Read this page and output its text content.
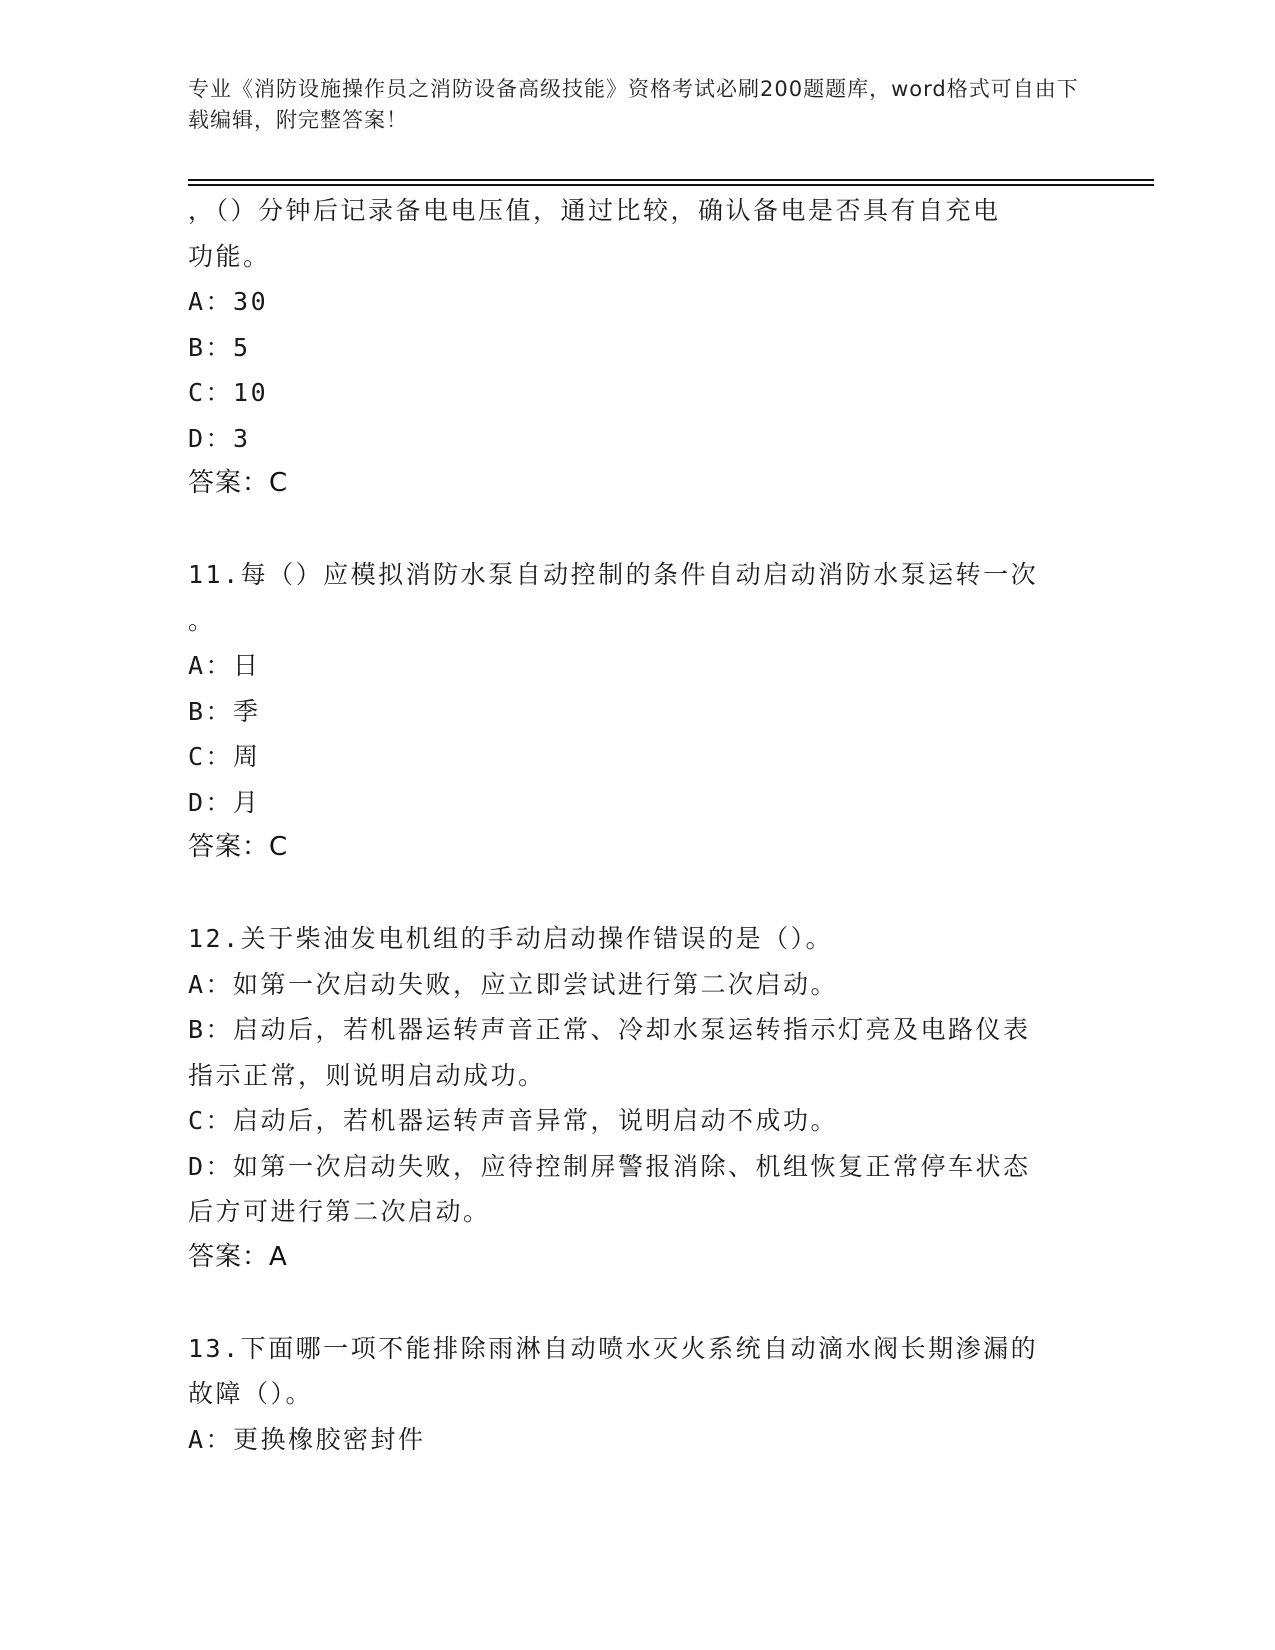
专业《消防设施操作员之消防设备高级技能》资格考试必刷200题题库，word格式可自由下载编辑，附完整答案！

，（）分钟后记录备电电压值，通过比较，确认备电是否具有自充电

功能。

A：30

B：5

C：10

D：3

答案：C

11.每（）应模拟消防水泵自动控制的条件自动启动消防水泵运转一次

。

A：日

B：季

C：周

D：月

答案：C

12.关于柴油发电机组的手动启动操作错误的是（）。

A：如第一次启动失败，应立即尝试进行第二次启动。

B：启动后，若机器运转声音正常、冷却水泵运转指示灯亮及电路仪表

指示正常，则说明启动成功。

C：启动后，若机器运转声音异常，说明启动不成功。

D：如第一次启动失败，应待控制屏警报消除、机组恢复正常停车状态

后方可进行第二次启动。

答案：A

13.下面哪一项不能排除雨淋自动喷水灭火系统自动滴水阀长期渗漏的

故障（）。

A：更换橡胶密封件
